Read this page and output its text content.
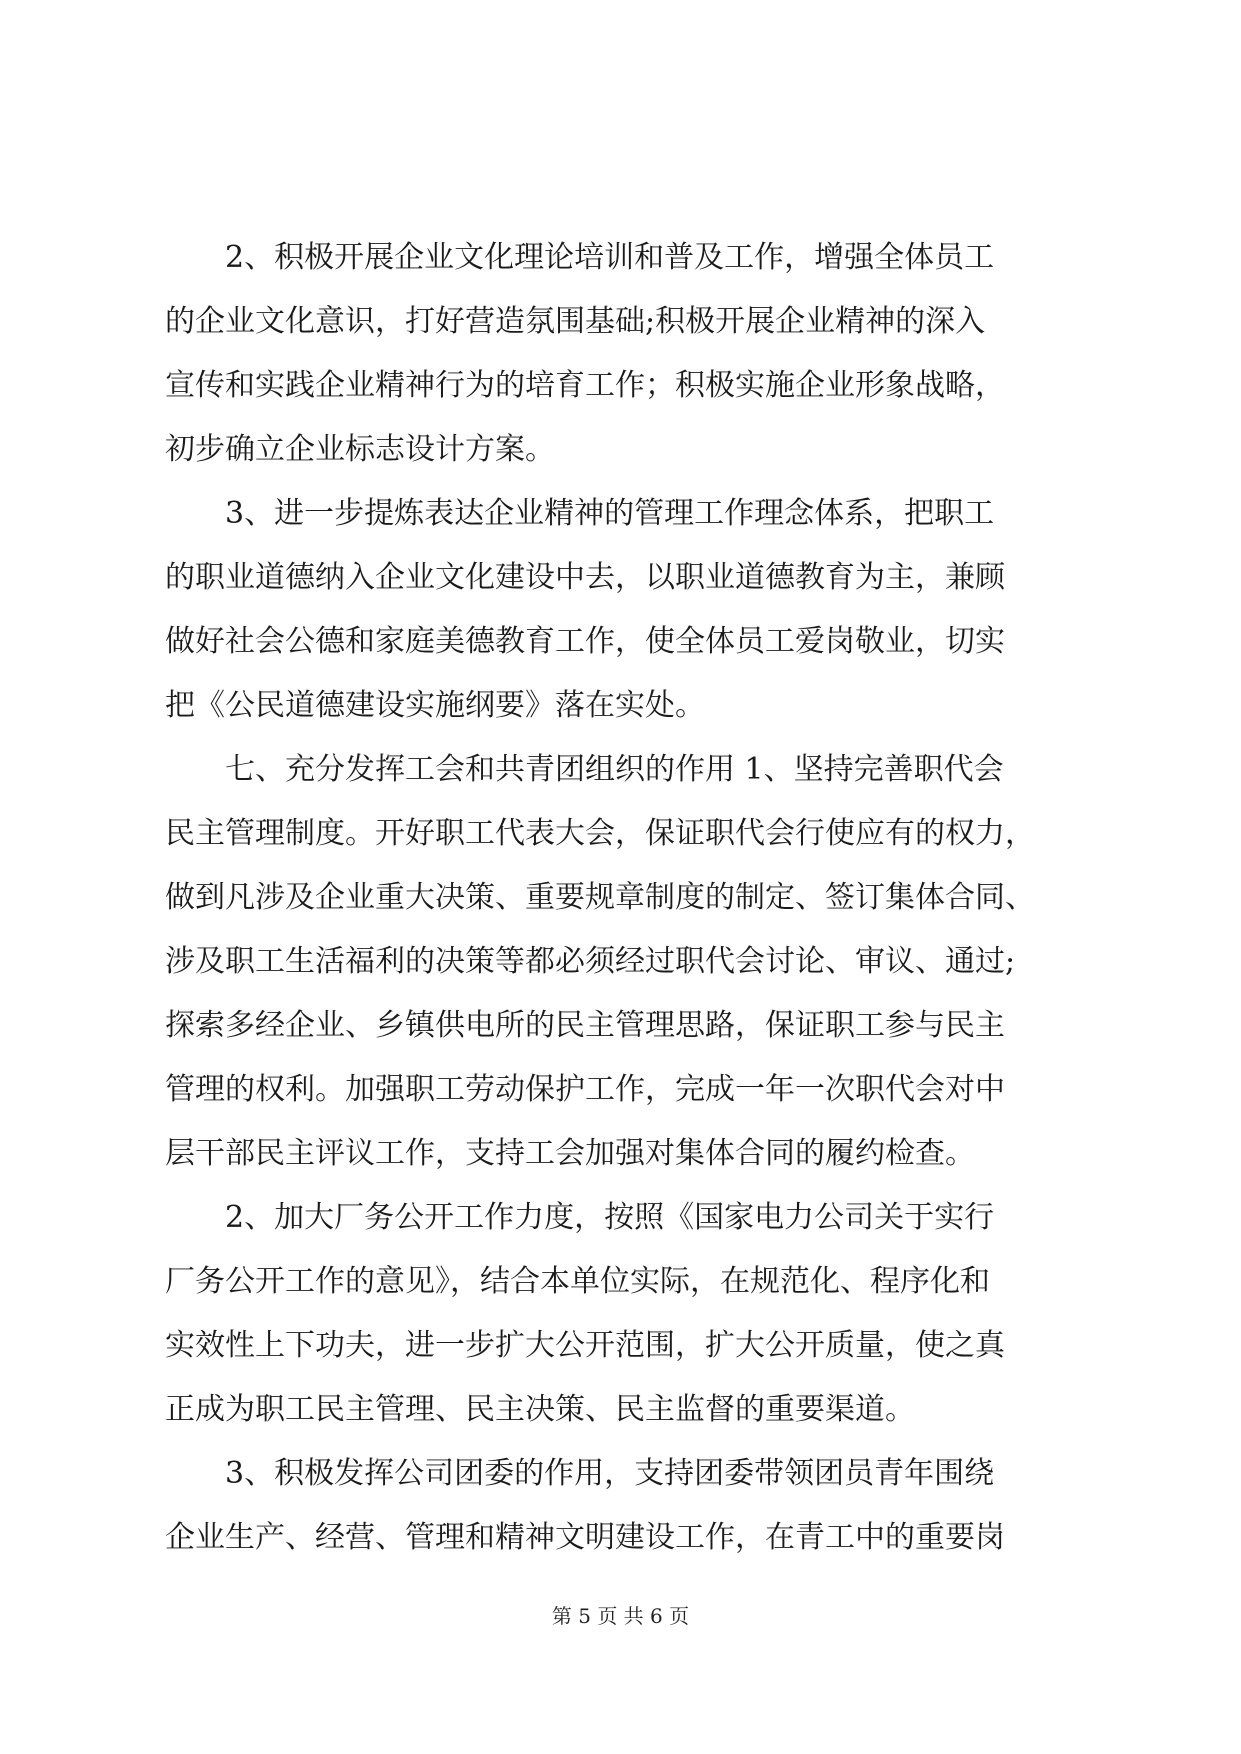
　　2、积极开展企业文化理论培训和普及工作，增强全体员工
的企业文化意识，打好营造氛围基础;积极开展企业精神的深入
宣传和实践企业精神行为的培育工作；积极实施企业形象战略，
初步确立企业标志设计方案。
　　3、进一步提炼表达企业精神的管理工作理念体系，把职工
的职业道德纳入企业文化建设中去，以职业道德教育为主，兼顾
做好社会公德和家庭美德教育工作，使全体员工爱岗敬业，切实
把《公民道德建设实施纲要》落在实处。
　　七、充分发挥工会和共青团组织的作用 1、坚持完善职代会
民主管理制度。开好职工代表大会，保证职代会行使应有的权力，
做到凡涉及企业重大决策、重要规章制度的制定、签订集体合同、
涉及职工生活福利的决策等都必须经过职代会讨论、审议、通过;
探索多经企业、乡镇供电所的民主管理思路，保证职工参与民主
管理的权利。加强职工劳动保护工作，完成一年一次职代会对中
层干部民主评议工作，支持工会加强对集体合同的履约检查。
　　2、加大厂务公开工作力度，按照《国家电力公司关于实行
厂务公开工作的意见》，结合本单位实际，在规范化、程序化和
实效性上下功夫，进一步扩大公开范围，扩大公开质量，使之真
正成为职工民主管理、民主决策、民主监督的重要渠道。
　　3、积极发挥公司团委的作用，支持团委带领团员青年围绕
企业生产、经营、管理和精神文明建设工作，在青工中的重要岗
第 5 页 共 6 页
